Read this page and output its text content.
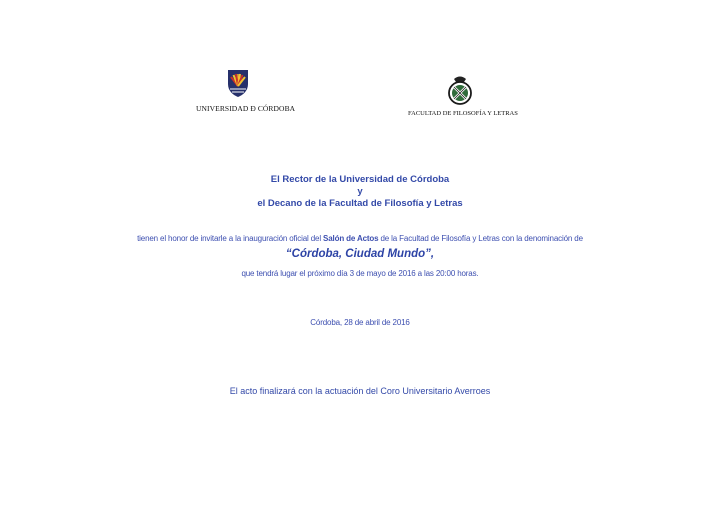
UNIVERSIDAD Ð CÓRDOBA
FACULTAD DE FILOSOFÍA Y LETRAS
El Rector de la Universidad de Córdoba
y
el Decano de la Facultad de Filosofía y Letras
tienen el honor de invitarle a la inauguración oficial del Salón de Actos de la Facultad de Filosofía y Letras con la denominación de
“Córdoba, Ciudad Mundo”,
que tendrá lugar el próximo día 3 de mayo de 2016 a las 20:00 horas.
Córdoba, 28 de abril de 2016
El acto finalizará con la actuación del Coro Universitario Averroes
